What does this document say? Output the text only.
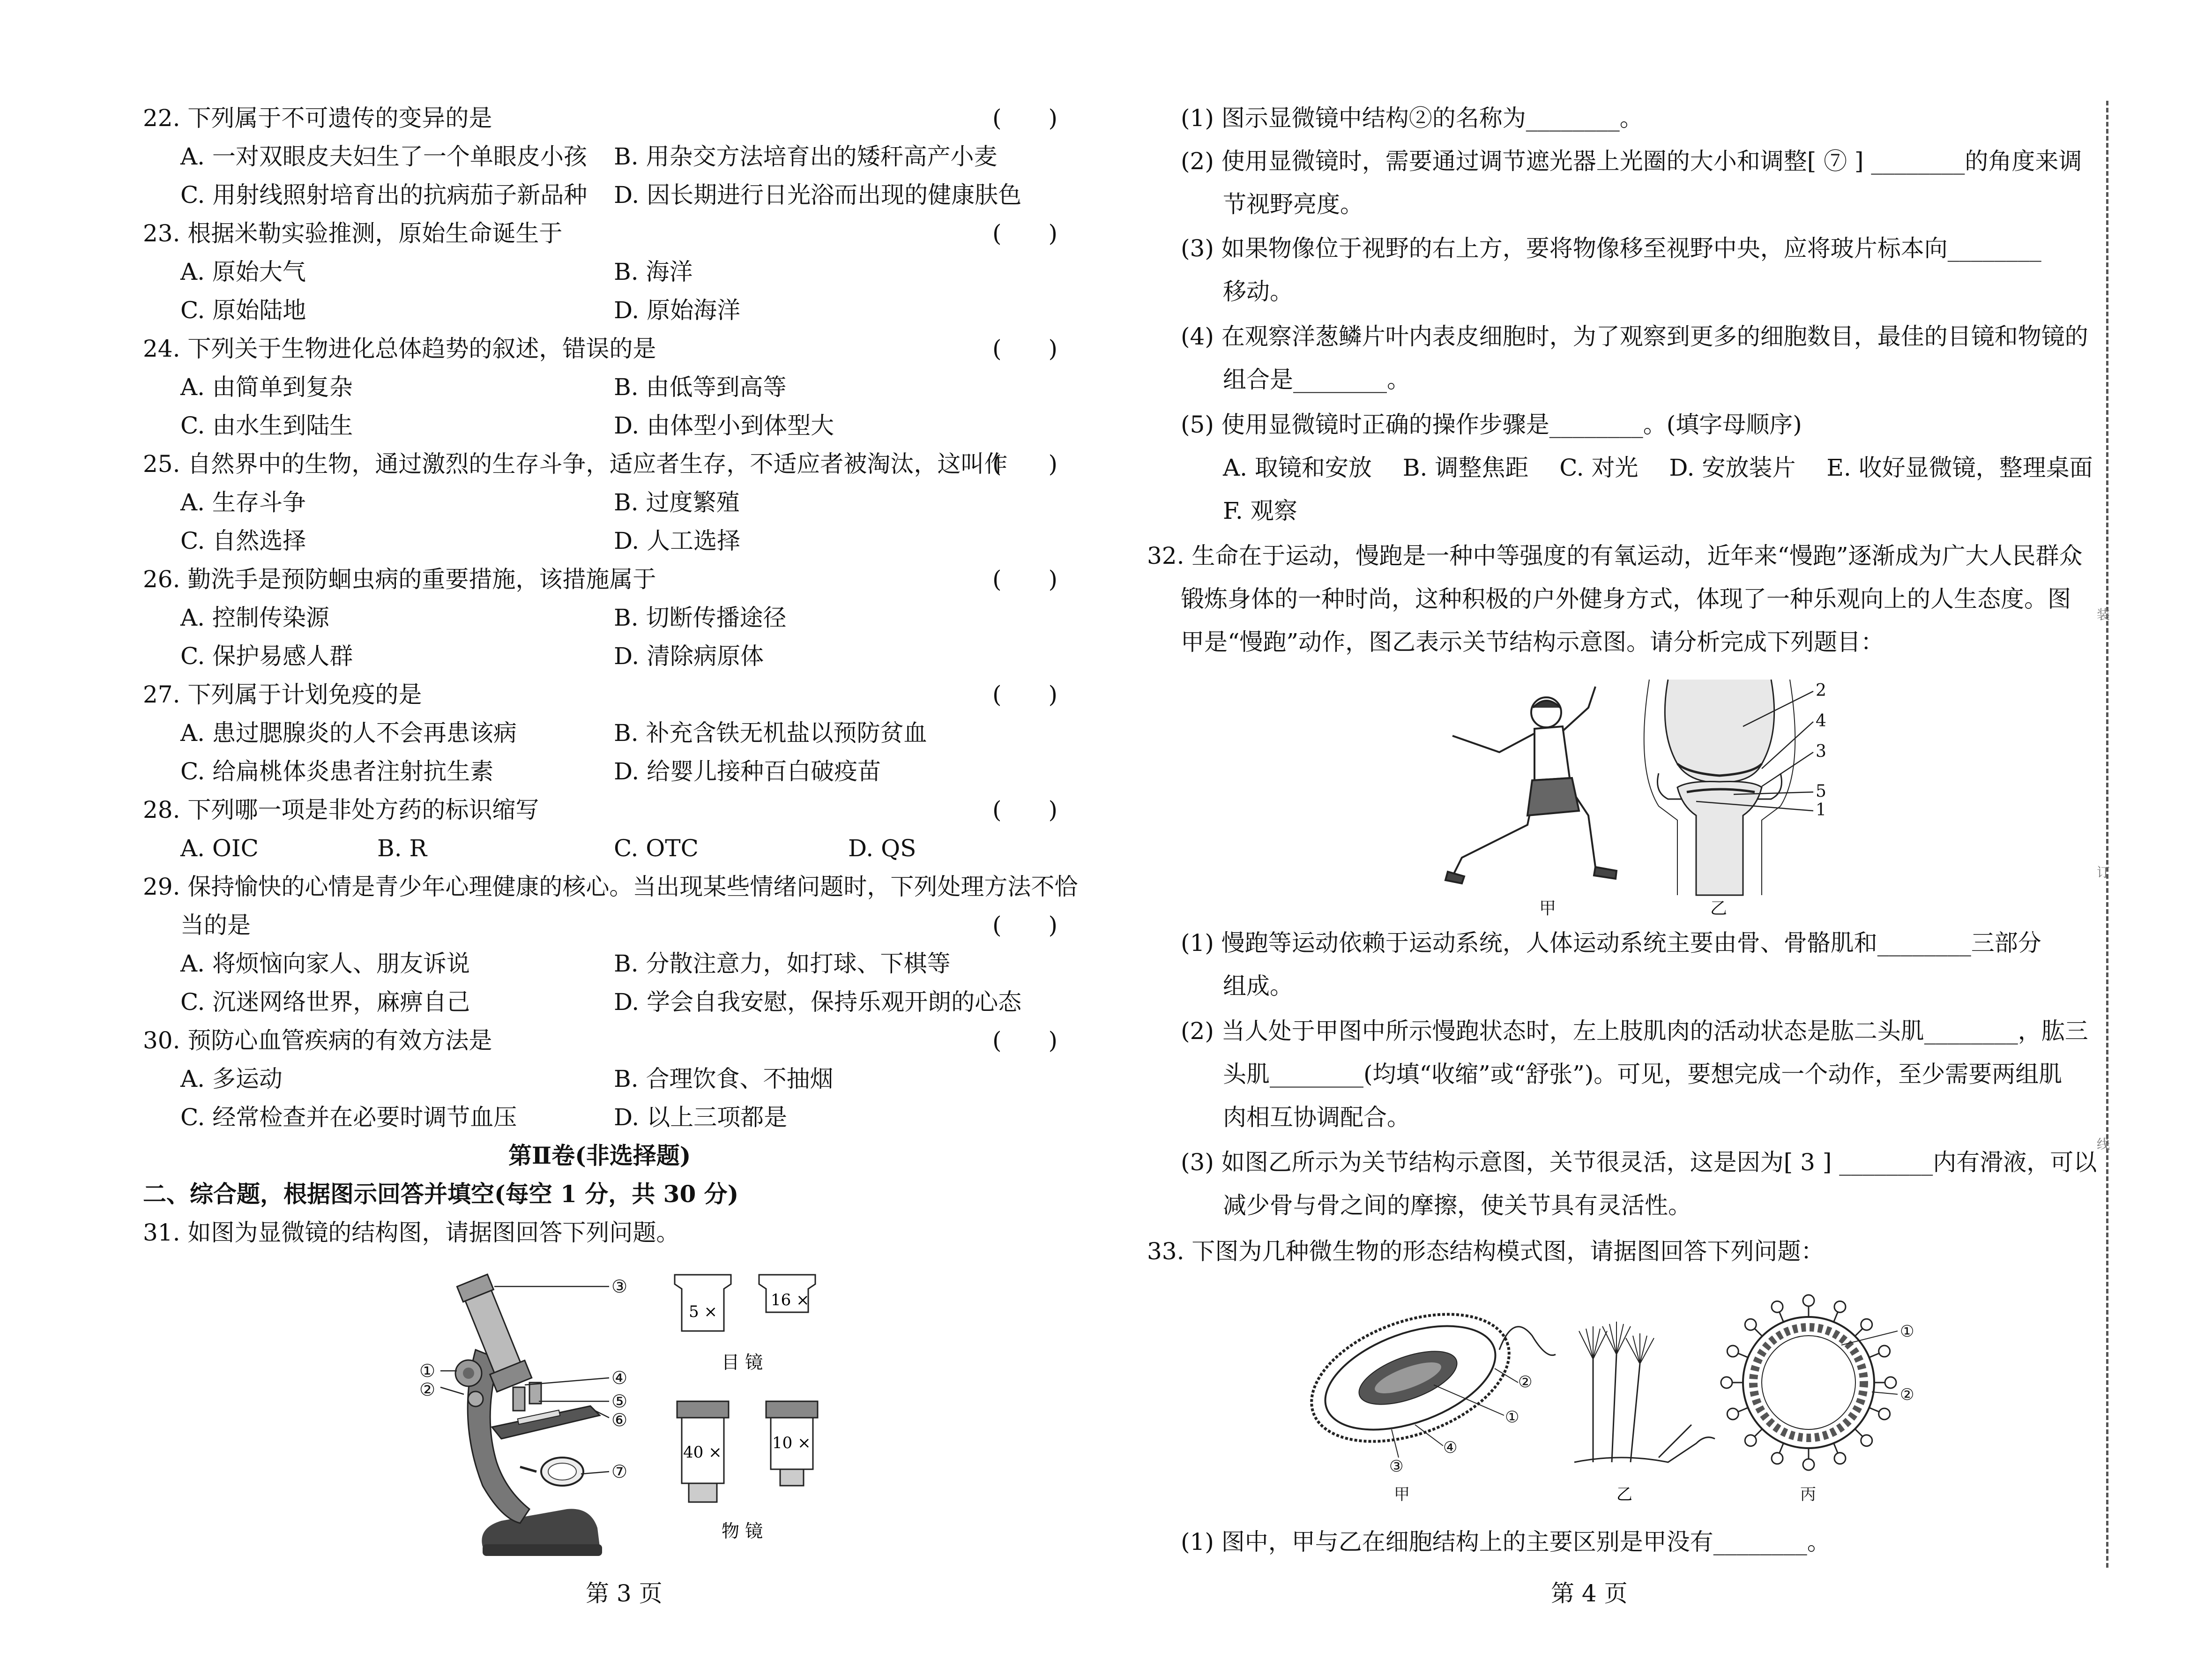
22. 下列属于不可遗传的变异的是	(　　)
A. 一对双眼皮夫妇生了一个单眼皮小孩 B. 用杂交方法培育出的矮秆高产小麦
C. 用射线照射培育出的抗病茄子新品种 D. 因长期进行日光浴而出现的健康肤色
23. 根据米勒实验推测，原始生命诞生于	(　　)
A. 原始大气	B. 海洋
C. 原始陆地	D. 原始海洋
24. 下列关于生物进化总体趋势的叙述，错误的是	(　　)
A. 由简单到复杂	B. 由低等到高等
C. 由水生到陆生	D. 由体型小到体型大
25. 自然界中的生物，通过激烈的生存斗争，适应者生存，不适应者被淘汰，这叫作
(　　)
A. 生存斗争	B. 过度繁殖
C. 自然选择	D. 人工选择
26. 勤洗手是预防蛔虫病的重要措施，该措施属于	(　　)
A. 控制传染源	B. 切断传播途径
C. 保护易感人群	D. 清除病原体
27. 下列属于计划免疫的是	(　　)
A. 患过腮腺炎的人不会再患该病	B. 补充含铁无机盐以预防贫血
C. 给扁桃体炎患者注射抗生素	D. 给婴儿接种百白破疫苗
28. 下列哪一项是非处方药的标识缩写	(　　)
A. OIC	B. R	C. OTC	D. QS
29. 保持愉快的心情是青少年心理健康的核心。当出现某些情绪问题时，下列处理方法不恰
当的是	(　　)
A. 将烦恼向家人、朋友诉说	B. 分散注意力，如打球、下棋等
C. 沉迷网络世界，麻痹自己	D. 学会自我安慰，保持乐观开朗的心态
30. 预防心血管疾病的有效方法是	(　　)
A. 多运动	B. 合理饮食、不抽烟
C. 经常检查并在必要时调节血压	D. 以上三项都是
第Ⅱ卷(非选择题)
二、综合题，根据图示回答并填空(每空 1 分，共 30 分)
31. 如图为显微镜的结构图，请据图回答下列问题。
③
①
②
④
⑤
⑥
⑦
5 ×
16 ×
目 镜
40 ×	10 ×
物 镜
第 3 页
(1) 图示显微镜中结构②的名称为________。
(2) 使用显微镜时，需要通过调节遮光器上光圈的大小和调整[ ⑦ ] ________的角度来调
节视野亮度。
(3) 如果物像位于视野的右上方，要将物像移至视野中央，应将玻片标本向________
移动。
(4) 在观察洋葱鳞片叶内表皮细胞时，为了观察到更多的细胞数目，最佳的目镜和物镜的
组合是________。
(5) 使用显微镜时正确的操作步骤是________。(填字母顺序)
A. 取镜和安放　 B. 调整焦距　 C. 对光　 D. 安放装片　 E. 收好显微镜，整理桌面
F. 观察
32. 生命在于运动，慢跑是一种中等强度的有氧运动，近年来“慢跑”逐渐成为广大人民群众
锻炼身体的一种时尚，这种积极的户外健身方式，体现了一种乐观向上的人生态度。图
甲是“慢跑”动作，图乙表示关节结构示意图。请分析完成下列题目：
2
4
3
5
1
甲	乙
(1) 慢跑等运动依赖于运动系统，人体运动系统主要由骨、骨骼肌和________三部分
组成。
(2) 当人处于甲图中所示慢跑状态时，左上肢肌肉的活动状态是肱二头肌________，肱三
头肌________(均填“收缩”或“舒张”)。可见，要想完成一个动作，至少需要两组肌
肉相互协调配合。
(3) 如图乙所示为关节结构示意图，关节很灵活，这是因为[ 3 ] ________内有滑液，可以
减少骨与骨之间的摩擦，使关节具有灵活性。
33. 下图为几种微生物的形态结构模式图，请据图回答下列问题：
②
①
④
③
甲	乙
①
②
丙
(1) 图中，甲与乙在细胞结构上的主要区别是甲没有________。
第 4 页
装
订
线
